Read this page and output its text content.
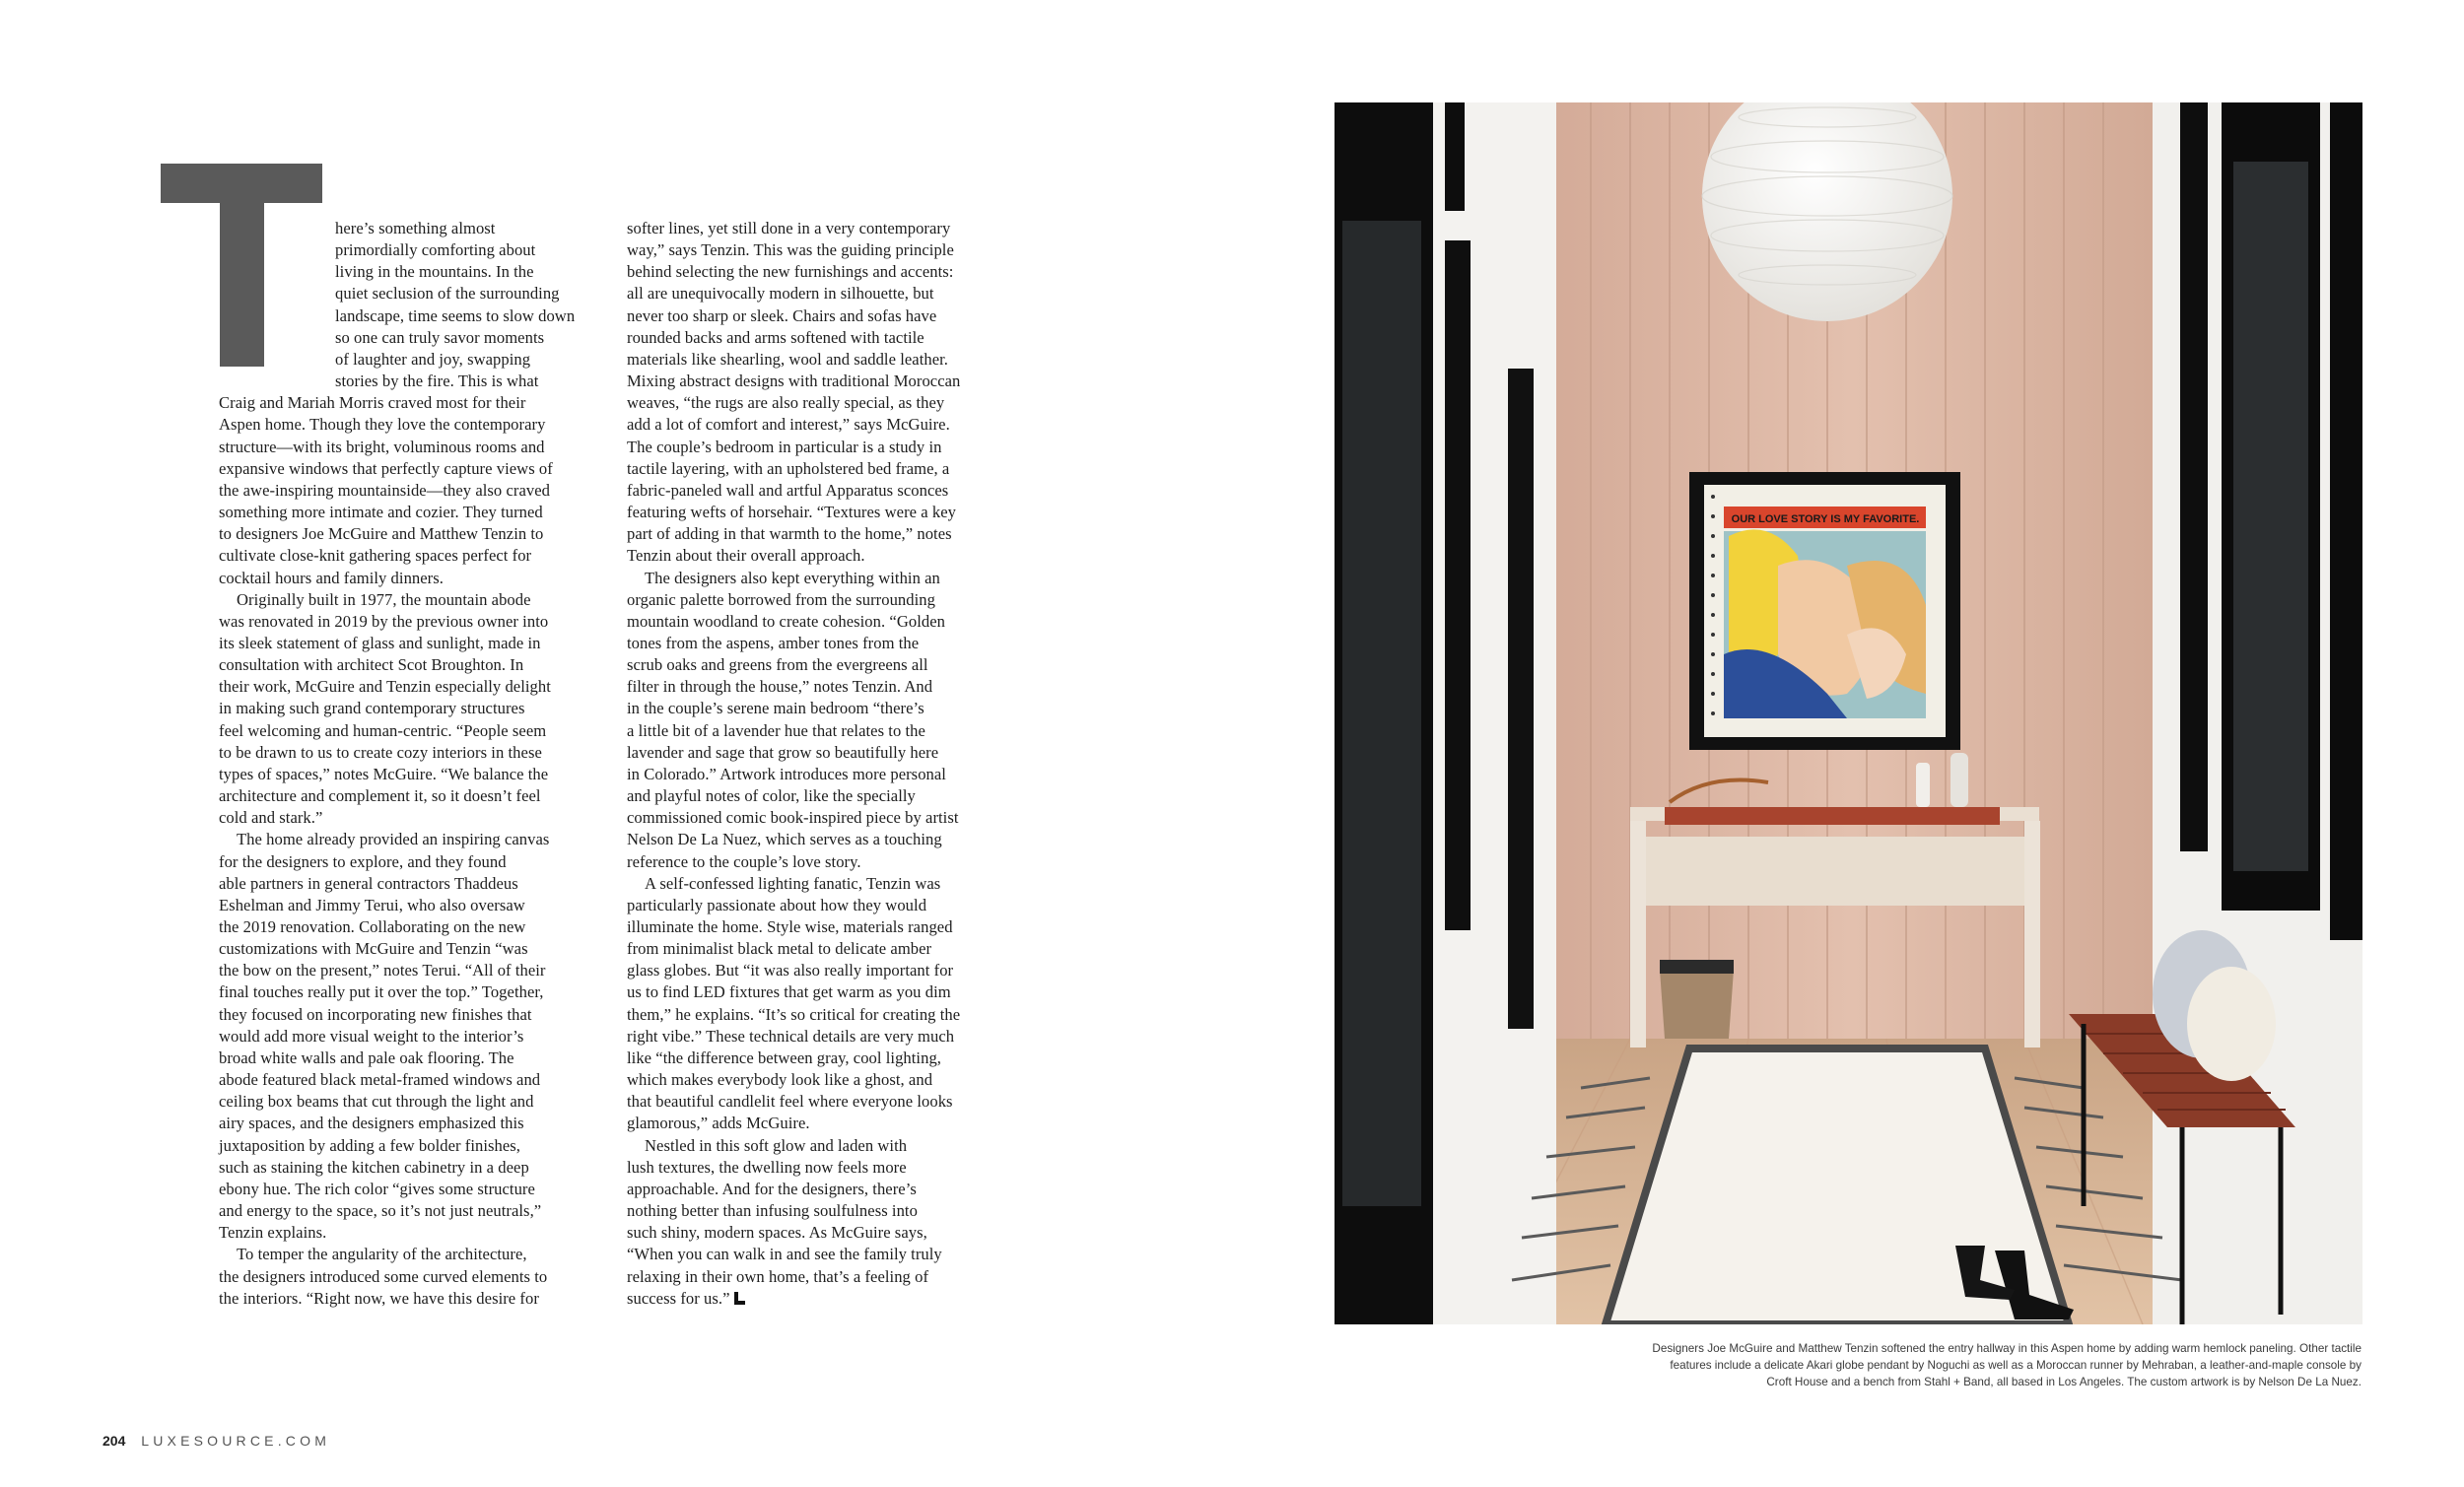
here’s something almost
primordially comforting about
living in the mountains. In the
quiet seclusion of the surrounding
landscape, time seems to slow down
so one can truly savor moments
of laughter and joy, swapping
stories by the fire. This is what
Craig and Mariah Morris craved most for their
Aspen home. Though they love the contemporary
structure—with its bright, voluminous rooms and
expansive windows that perfectly capture views of
the awe-inspiring mountainside—they also craved
something more intimate and cozier. They turned
to designers Joe McGuire and Matthew Tenzin to
cultivate close-knit gathering spaces perfect for
cocktail hours and family dinners.
Originally built in 1977, the mountain abode
was renovated in 2019 by the previous owner into
its sleek statement of glass and sunlight, made in
consultation with architect Scot Broughton. In
their work, McGuire and Tenzin especially delight
in making such grand contemporary structures
feel welcoming and human-centric. “People seem
to be drawn to us to create cozy interiors in these
types of spaces,” notes McGuire. “We balance the
architecture and complement it, so it doesn’t feel
cold and stark.”
The home already provided an inspiring canvas
for the designers to explore, and they found
able partners in general contractors Thaddeus
Eshelman and Jimmy Terui, who also oversaw
the 2019 renovation. Collaborating on the new
customizations with McGuire and Tenzin “was
the bow on the present,” notes Terui. “All of their
final touches really put it over the top.” Together,
they focused on incorporating new finishes that
would add more visual weight to the interior’s
broad white walls and pale oak flooring. The
abode featured black metal-framed windows and
ceiling box beams that cut through the light and
airy spaces, and the designers emphasized this
juxtaposition by adding a few bolder finishes,
such as staining the kitchen cabinetry in a deep
ebony hue. The rich color “gives some structure
and energy to the space, so it’s not just neutrals,”
Tenzin explains.
To temper the angularity of the architecture,
the designers introduced some curved elements to
the interiors. “Right now, we have this desire for
softer lines, yet still done in a very contemporary
way,” says Tenzin. This was the guiding principle
behind selecting the new furnishings and accents:
all are unequivocally modern in silhouette, but
never too sharp or sleek. Chairs and sofas have
rounded backs and arms softened with tactile
materials like shearling, wool and saddle leather.
Mixing abstract designs with traditional Moroccan
weaves, “the rugs are also really special, as they
add a lot of comfort and interest,” says McGuire.
The couple’s bedroom in particular is a study in
tactile layering, with an upholstered bed frame, a
fabric-paneled wall and artful Apparatus sconces
featuring wefts of horsehair. “Textures were a key
part of adding in that warmth to the home,” notes
Tenzin about their overall approach.
The designers also kept everything within an
organic palette borrowed from the surrounding
mountain woodland to create cohesion. “Golden
tones from the aspens, amber tones from the
scrub oaks and greens from the evergreens all
filter in through the house,” notes Tenzin. And
in the couple’s serene main bedroom “there’s
a little bit of a lavender hue that relates to the
lavender and sage that grow so beautifully here
in Colorado.” Artwork introduces more personal
and playful notes of color, like the specially
commissioned comic book-inspired piece by artist
Nelson De La Nuez, which serves as a touching
reference to the couple’s love story.
A self-confessed lighting fanatic, Tenzin was
particularly passionate about how they would
illuminate the home. Style wise, materials ranged
from minimalist black metal to delicate amber
glass globes. But “it was also really important for
us to find LED fixtures that get warm as you dim
them,” he explains. “It’s so critical for creating the
right vibe.” These technical details are very much
like “the difference between gray, cool lighting,
which makes everybody look like a ghost, and
that beautiful candlelit feel where everyone looks
glamorous,” adds McGuire.
Nestled in this soft glow and laden with
lush textures, the dwelling now feels more
approachable. And for the designers, there’s
nothing better than infusing soulfulness into
such shiny, modern spaces. As McGuire says,
“When you can walk in and see the family truly
relaxing in their own home, that’s a feeling of
success for us.”
OUR LOVE STORY IS MY FAVORITE.
Designers Joe McGuire and Matthew Tenzin softened the entry hallway in this Aspen home by adding warm hemlock paneling. Other tactile
features include a delicate Akari globe pendant by Noguchi as well as a Moroccan runner by Mehraban, a leather-and-maple console by
Croft House and a bench from Stahl + Band, all based in Los Angeles. The custom artwork is by Nelson De La Nuez.
204 LUXESOURCE.COM
